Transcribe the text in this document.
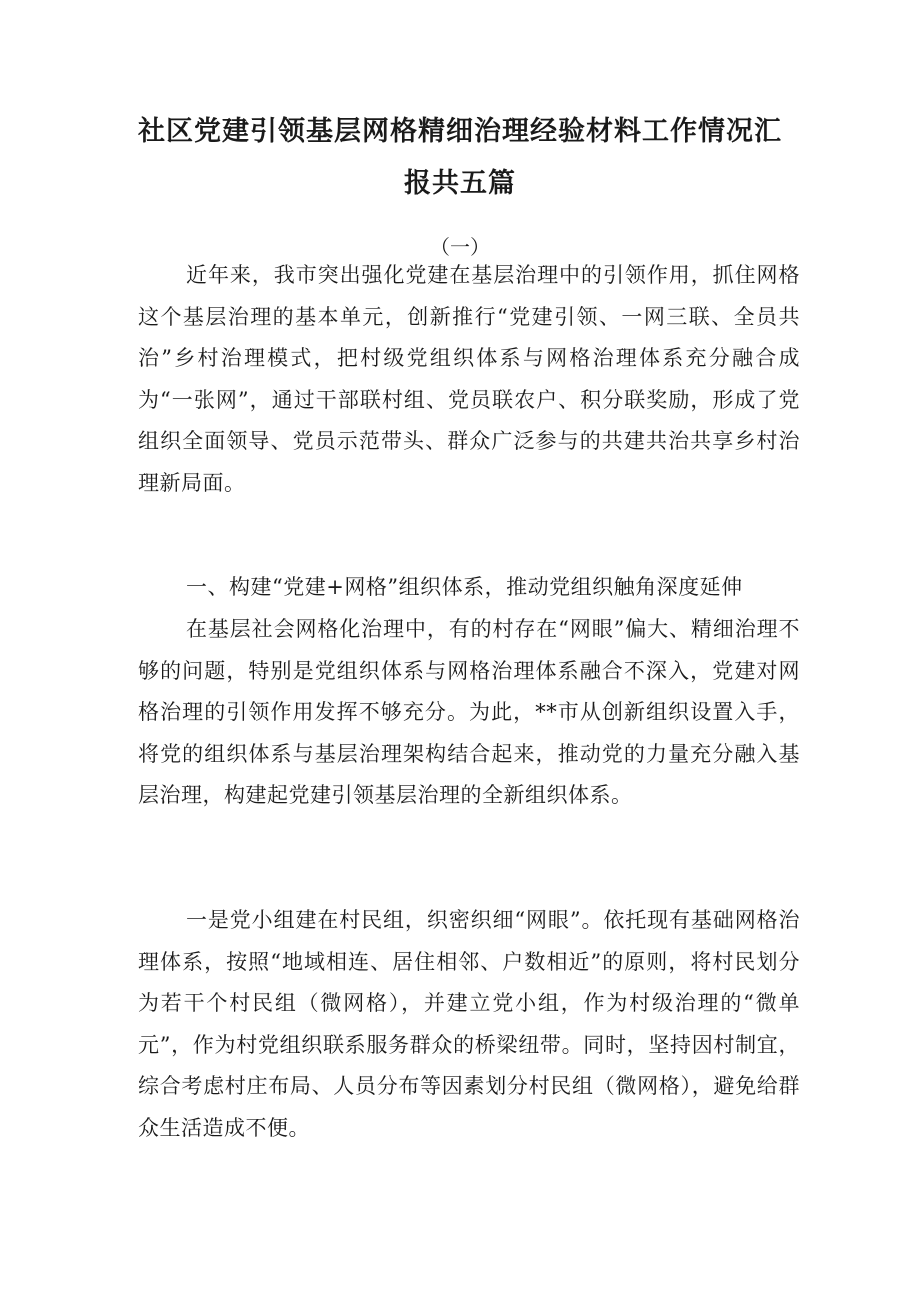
社区党建引领基层网格精细治理经验材料工作情况汇
报共五篇

（一）

近年来，我市突出强化党建在基层治理中的引领作用，抓住网格这个基层治理的基本单元，创新推行“党建引领、一网三联、全员共治”乡村治理模式，把村级党组织体系与网格治理体系充分融合成为“一张网”，通过干部联村组、党员联农户、积分联奖励，形成了党组织全面领导、党员示范带头、群众广泛参与的共建共治共享乡村治理新局面。

一、构建“党建+网格”组织体系，推动党组织触角深度延伸

在基层社会网格化治理中，有的村存在“网眼”偏大、精细治理不够的问题，特别是党组织体系与网格治理体系融合不深入，党建对网格治理的引领作用发挥不够充分。为此，**市从创新组织设置入手，将党的组织体系与基层治理架构结合起来，推动党的力量充分融入基层治理，构建起党建引领基层治理的全新组织体系。

一是党小组建在村民组，织密织细“网眼”。依托现有基础网格治理体系，按照“地域相连、居住相邻、户数相近”的原则，将村民划分为若干个村民组（微网格），并建立党小组，作为村级治理的“微单元”，作为村党组织联系服务群众的桥梁纽带。同时，坚持因村制宜，综合考虑村庄布局、人员分布等因素划分村民组（微网格），避免给群众生活造成不便。
